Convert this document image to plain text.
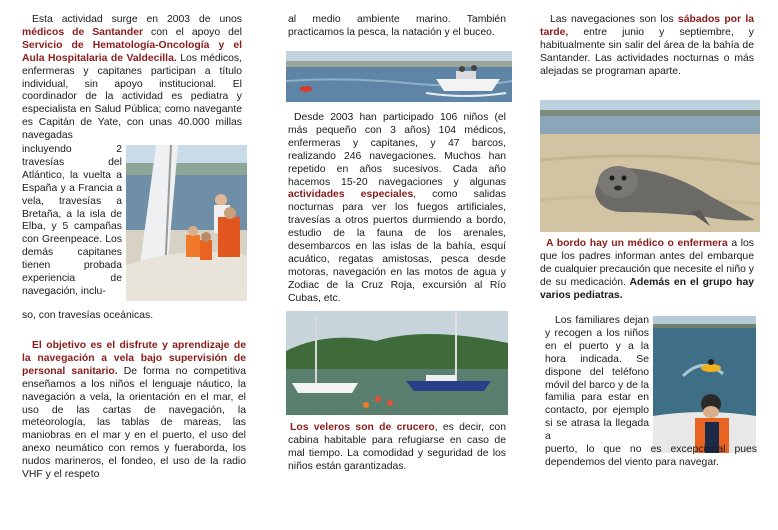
Esta actividad surge en 2003 de unos médicos de Santander con el apoyo del Servicio de Hematología-Oncología y el Aula Hospitalaria de Valdecilla. Los médicos, enfermeras y capitanes participan a título individual, sin apoyo institucional. El coordinador de la actividad es pediatra y especialista en Salud Pública; como navegante es Capitán de Yate, con unas 40.000 millas navegadas
incluyendo 2 travesías del Atlántico, la vuelta a España y a Francia a vela, travesías a Bretaña, a la isla de Elba, y 5 campañas con Greenpeace. Los demás capitanes tienen probada experiencia de navegación, inclu-
so, con travesías oceánicas.
El objetivo es el disfrute y aprendizaje de la navegación a vela bajo supervisión de personal sanitario. De forma no competitiva enseñamos a los niños el lenguaje náutico, la navegación a vela, la orientación en el mar, el uso de las cartas de navegación, la meteorología, las tablas de mareas, las maniobras en el mar y en el puerto, el uso del anexo neumático con remos y fueraborda, los nudos marineros, el fondeo, el uso de la radio VHF y el respeto
al medio ambiente marino. También practicamos la pesca, la natación y el buceo.
Desde 2003 han participado 106 niños (el más pequeño con 3 años) 104 médicos, enfermeras y capitanes, y 47 barcos, realizando 246 navegaciones. Muchos han repetido en años sucesivos. Cada año hacemos 15-20 navegaciones y algunas actividades especiales, como salidas nocturnas para ver los fuegos artificiales, travesías a otros puertos durmiendo a bordo, estudio de la fauna de los arenales, desembarcos en las islas de la bahía, esquí acuático, regatas amistosas, pesca desde motoras, navegación en las motos de agua y Zodiac de la Cruz Roja, excursión al Río Cubas, etc.
Los veleros son de crucero, es decir, con cabina habitable para refugiarse en caso de mal tiempo. La comodidad y seguridad de los niños están garantizadas.
Las navegaciones son los sábados por la tarde, entre junio y septiembre, y habitualmente sin salir del área de la bahía de Santander. Las actividades nocturnas o más alejadas se programan aparte.
A bordo hay un médico o enfermera a los que los padres informan antes del embarque de cualquier precaución que necesite el niño y de su medicación. Además en el grupo hay varios pediatras.
Los familiares dejan y recogen a los niños en el puerto y a la hora indicada. Se dispone del teléfono móvil del barco y de la familia para estar en contacto, por ejemplo si se atrasa la llegada a
puerto, lo que no es excepcional pues dependemos del viento para navegar.
